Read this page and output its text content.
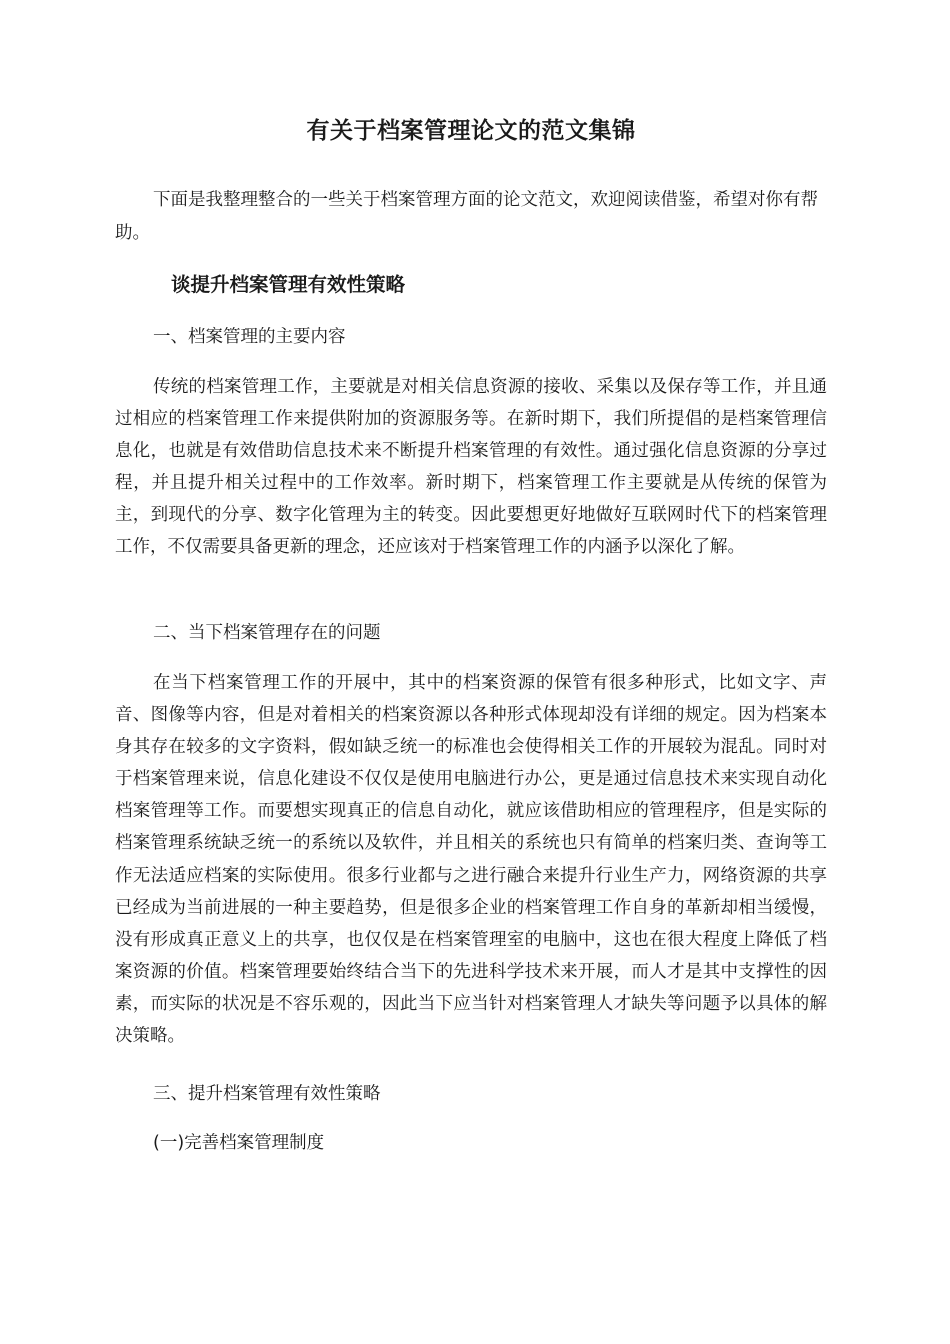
有关于档案管理论文的范文集锦

下面是我整理整合的一些关于档案管理方面的论文范文，欢迎阅读借鉴，希望对你有帮助。

谈提升档案管理有效性策略

一、档案管理的主要内容

传统的档案管理工作，主要就是对相关信息资源的接收、采集以及保存等工作，并且通过相应的档案管理工作来提供附加的资源服务等。在新时期下，我们所提倡的是档案管理信息化，也就是有效借助信息技术来不断提升档案管理的有效性。通过强化信息资源的分享过程，并且提升相关过程中的工作效率。新时期下，档案管理工作主要就是从传统的保管为主，到现代的分享、数字化管理为主的转变。因此要想更好地做好互联网时代下的档案管理工作，不仅需要具备更新的理念，还应该对于档案管理工作的内涵予以深化了解。

二、当下档案管理存在的问题

在当下档案管理工作的开展中，其中的档案资源的保管有很多种形式，比如文字、声音、图像等内容，但是对着相关的档案资源以各种形式体现却没有详细的规定。因为档案本身其存在较多的文字资料，假如缺乏统一的标准也会使得相关工作的开展较为混乱。同时对于档案管理来说，信息化建设不仅仅是使用电脑进行办公，更是通过信息技术来实现自动化档案管理等工作。而要想实现真正的信息自动化，就应该借助相应的管理程序，但是实际的档案管理系统缺乏统一的系统以及软件，并且相关的系统也只有简单的档案归类、查询等工作无法适应档案的实际使用。很多行业都与之进行融合来提升行业生产力，网络资源的共享已经成为当前进展的一种主要趋势，但是很多企业的档案管理工作自身的革新却相当缓慢，没有形成真正意义上的共享，也仅仅是在档案管理室的电脑中，这也在很大程度上降低了档案资源的价值。档案管理要始终结合当下的先进科学技术来开展，而人才是其中支撑性的因素，而实际的状况是不容乐观的，因此当下应当针对档案管理人才缺失等问题予以具体的解决策略。

三、提升档案管理有效性策略

(一)完善档案管理制度
